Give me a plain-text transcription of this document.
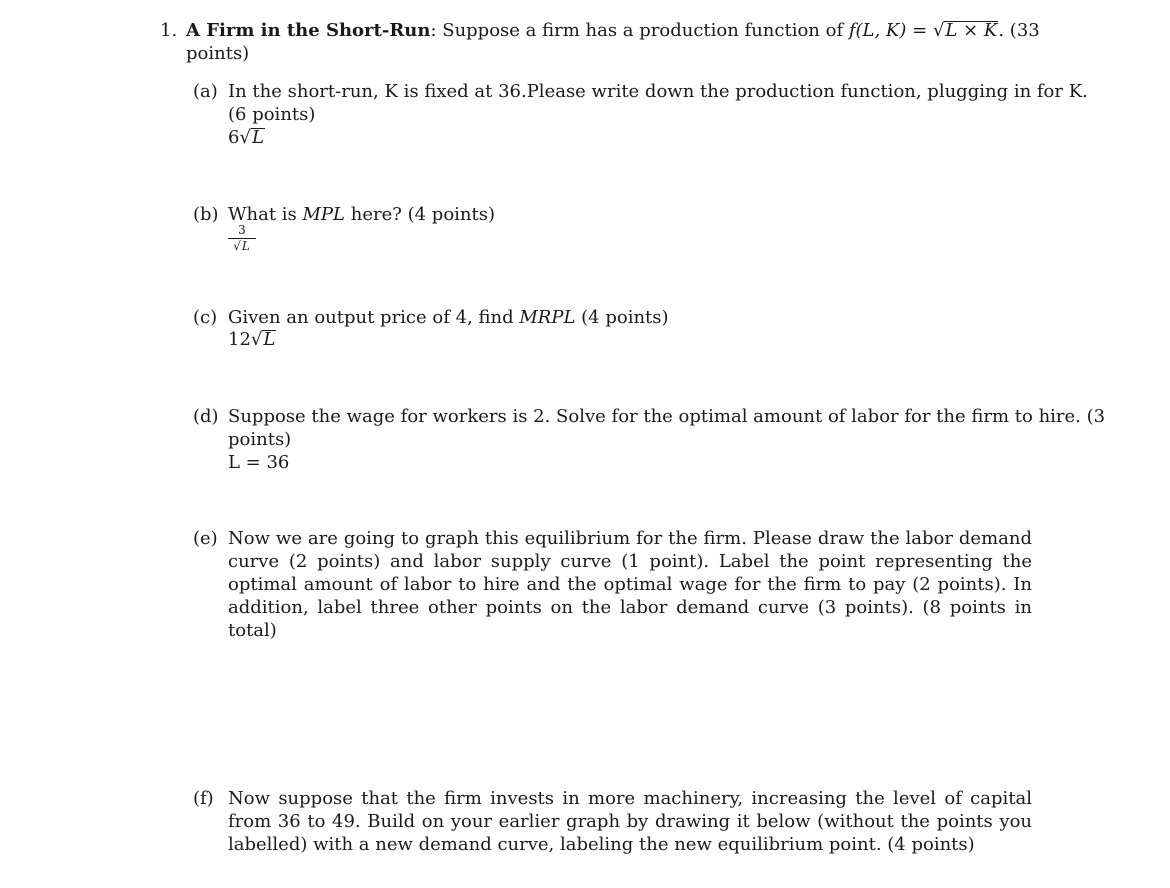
1. A Firm in the Short-Run: Suppose a firm has a production function of f(L, K) = √L × K. (33
points)
(a) In the short-run, K is fixed at 36.Please write down the production function, plugging in for K.
(6 points)
6√L
(b) What is MPL here? (4 points)
$\frac{3}{√L}$
(c) Given an output price of 4, find MRPL (4 points)
12√L
(d) Suppose the wage for workers is 2. Solve for the optimal amount of labor for the firm to hire. (3
points)
L = 36
(e) Now we are going to graph this equilibrium for the firm. Please draw the labor demand curve (2 points) and labor supply curve (1 point). Label the point representing the optimal amount of labor to hire and the optimal wage for the firm to pay (2 points). In addition, label three other points on the labor demand curve (3 points). (8 points in total)
(f) Now suppose that the firm invests in more machinery, increasing the level of capital from 36 to 49. Build on your earlier graph by drawing it below (without the points you labelled) with a new demand curve, labeling the new equilibrium point. (4 points)
